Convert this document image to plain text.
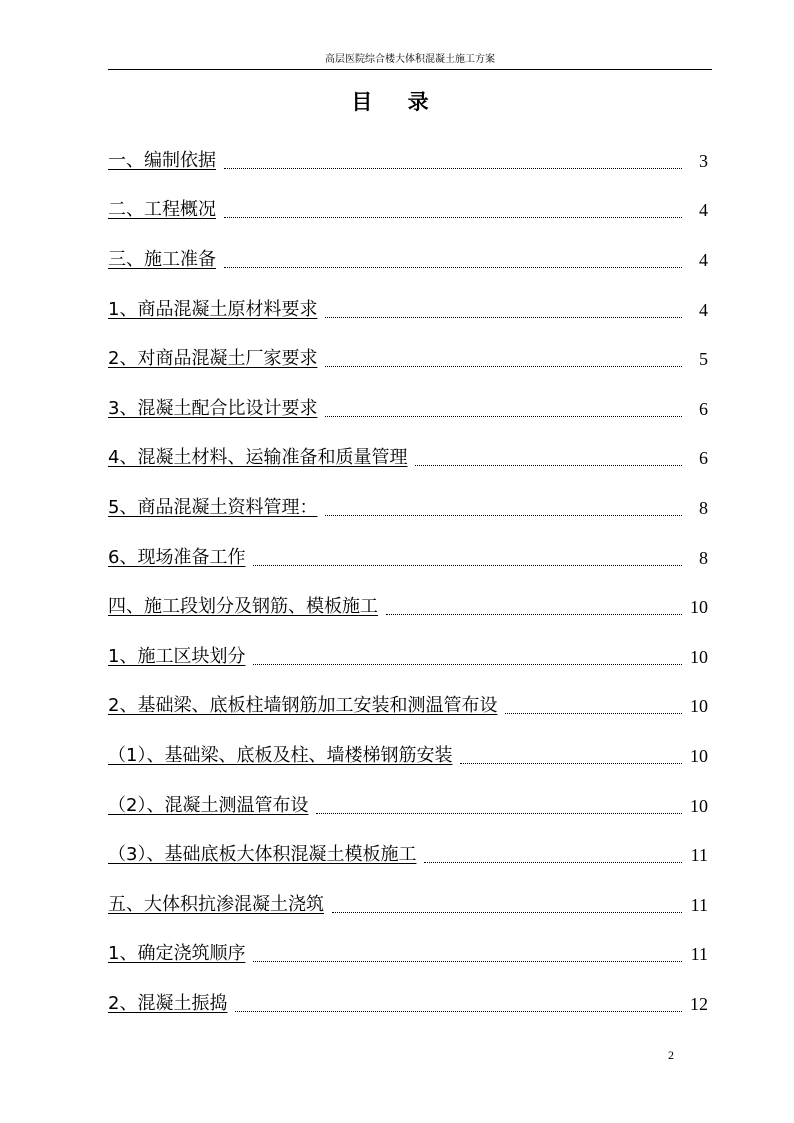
高层医院综合楼大体积混凝土施工方案
目 录
一、编制依据	3
二、工程概况	4
三、施工准备	4
1、商品混凝土原材料要求	4
2、对商品混凝土厂家要求	5
3、混凝土配合比设计要求	6
4、混凝土材料、运输准备和质量管理	6
5、商品混凝土资料管理：	8
6、现场准备工作	8
四、施工段划分及钢筋、模板施工	10
1、施工区块划分	10
2、基础梁、底板柱墙钢筋加工安装和测温管布设	10
（1）、基础梁、底板及柱、墙楼梯钢筋安装	10
（2）、混凝土测温管布设	10
（3）、基础底板大体积混凝土模板施工	11
五、大体积抗渗混凝土浇筑	11
1、确定浇筑顺序	11
2、混凝土振捣	12
2
